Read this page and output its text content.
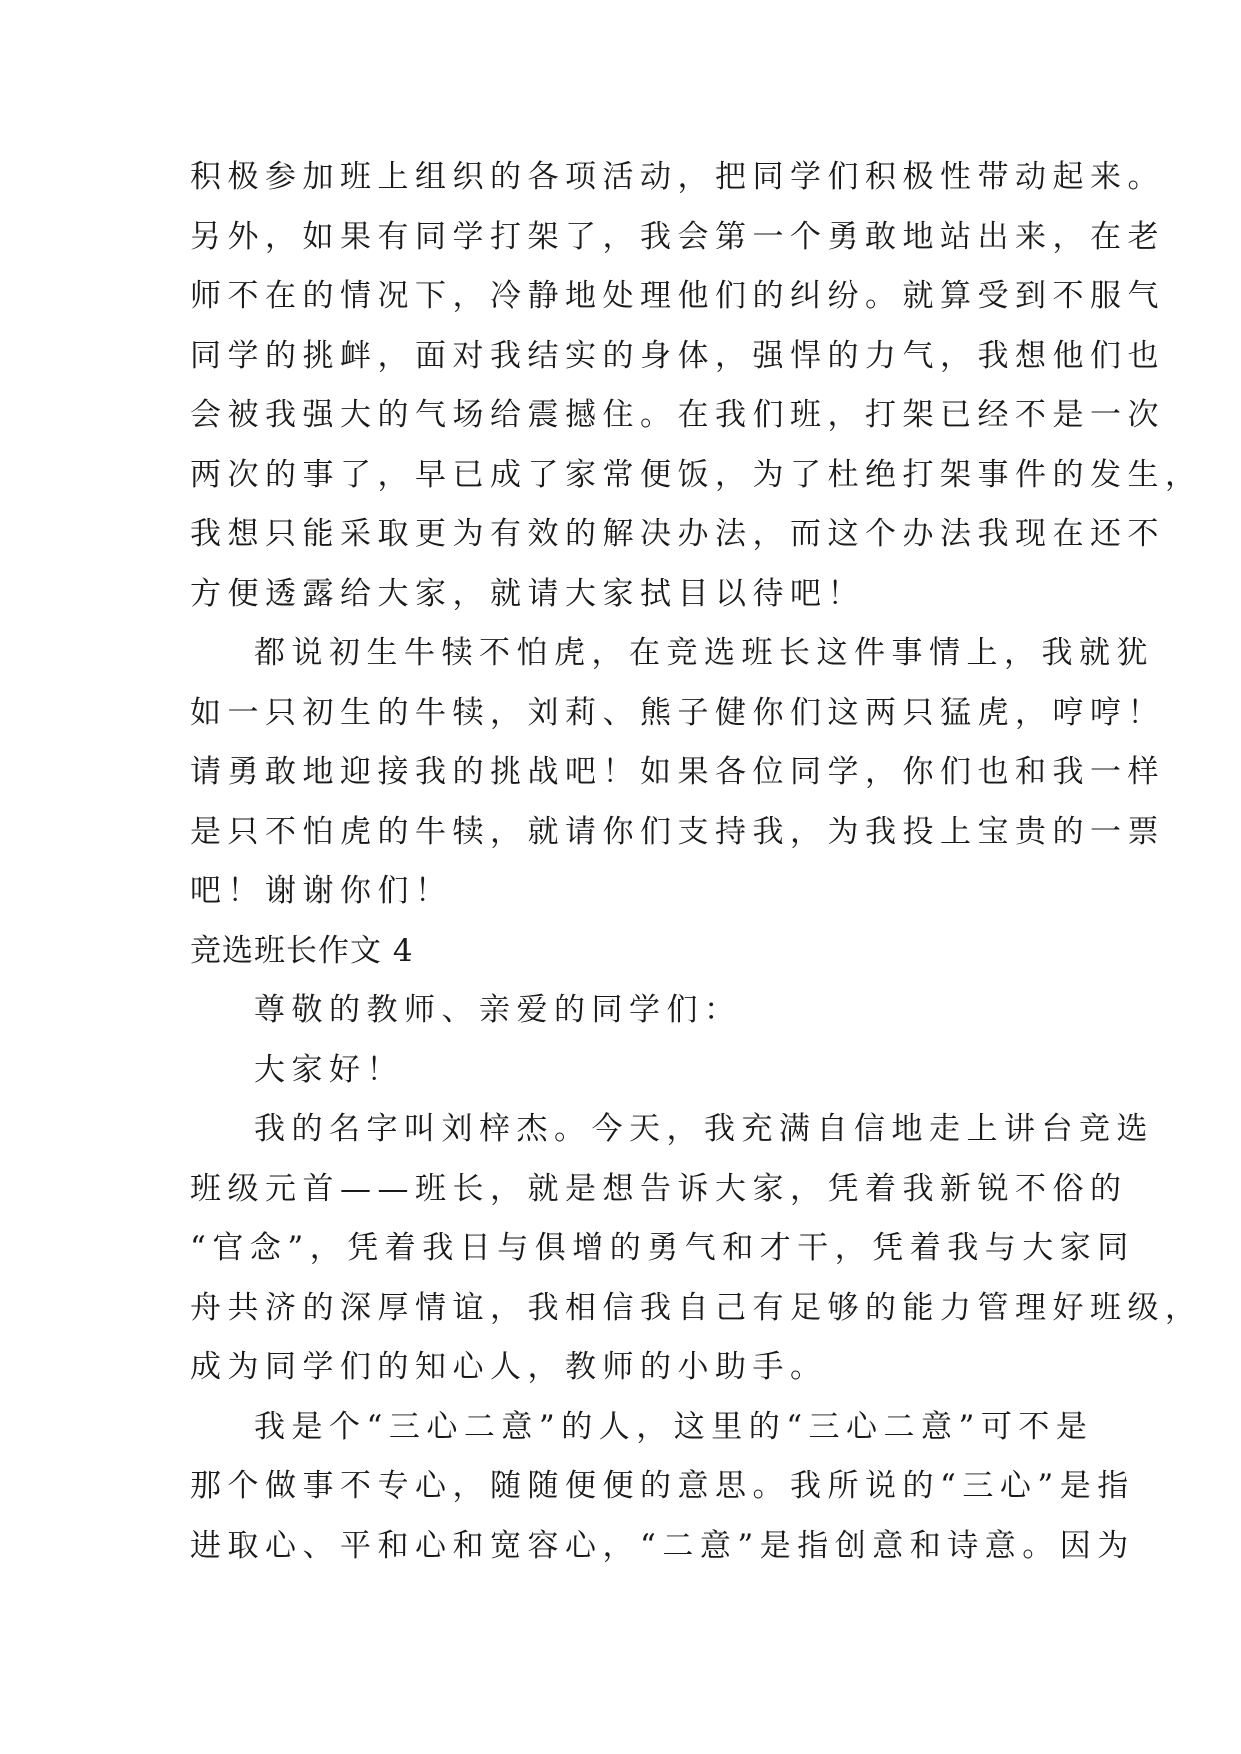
积极参加班上组织的各项活动，把同学们积极性带动起来。
另外，如果有同学打架了，我会第一个勇敢地站出来，在老
师不在的情况下，冷静地处理他们的纠纷。就算受到不服气
同学的挑衅，面对我结实的身体，强悍的力气，我想他们也
会被我强大的气场给震撼住。在我们班，打架已经不是一次
两次的事了，早已成了家常便饭，为了杜绝打架事件的发生，
我想只能采取更为有效的解决办法，而这个办法我现在还不
方便透露给大家，就请大家拭目以待吧！
都说初生牛犊不怕虎，在竞选班长这件事情上，我就犹
如一只初生的牛犊，刘莉、熊子健你们这两只猛虎，哼哼！
请勇敢地迎接我的挑战吧！如果各位同学，你们也和我一样
是只不怕虎的牛犊，就请你们支持我，为我投上宝贵的一票
吧！谢谢你们！
竞选班长作文 4
尊敬的教师、亲爱的同学们：
大家好！
我的名字叫刘梓杰。今天，我充满自信地走上讲台竞选
班级元首——班长，就是想告诉大家，凭着我新锐不俗的
“官念”，凭着我日与俱增的勇气和才干，凭着我与大家同
舟共济的深厚情谊，我相信我自己有足够的能力管理好班级，
成为同学们的知心人，教师的小助手。
我是个“三心二意”的人，这里的“三心二意”可不是
那个做事不专心，随随便便的意思。我所说的“三心”是指
进取心、平和心和宽容心，“二意”是指创意和诗意。因为
